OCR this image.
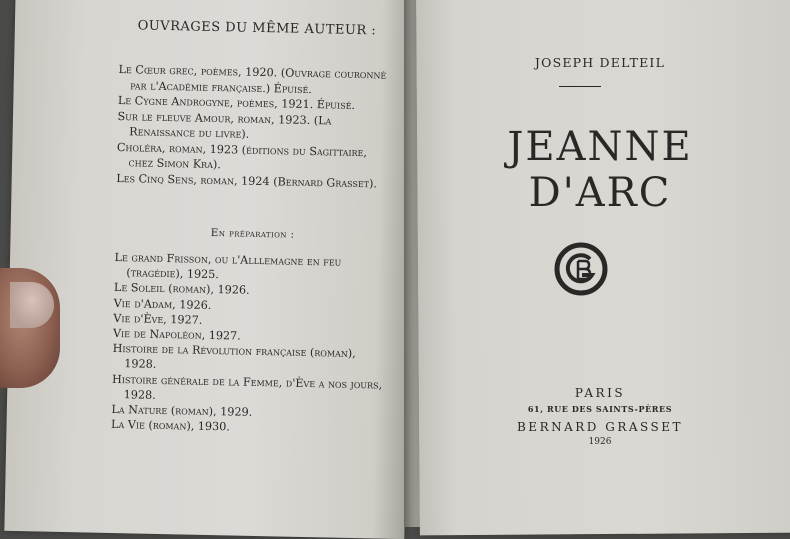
OUVRAGES DU MÊME AUTEUR :

Le Cœur grec, poèmes, 1920. (Ouvrage couronné par l'Académie française.) Épuisé.

Le Cygne Androgyne, poèmes, 1921. Épuisé.

Sur le fleuve Amour, roman, 1923. (La Renaissance du livre).

Choléra, roman, 1923 (éditions du Sagittaire, chez Simon Kra).

Les Cinq Sens, roman, 1924 (Bernard Grasset).

En préparation :

Le grand Frisson, ou l'Alllemagne en feu (tragédie), 1925.

Le Soleil (roman), 1926.

Vie d'Adam, 1926.

Vie d'Ève, 1927.

Vie de Napoléon, 1927.

Histoire de la Révolution française (roman), 1928.

Histoire générale de la Femme, d'Ève a nos jours, 1928.

La Nature (roman), 1929.

La Vie (roman), 1930.

JOSEPH DELTEIL
JEANNE D'ARC
PARIS
61, RUE DES SAINTS-PÈRES
BERNARD GRASSET
1926
